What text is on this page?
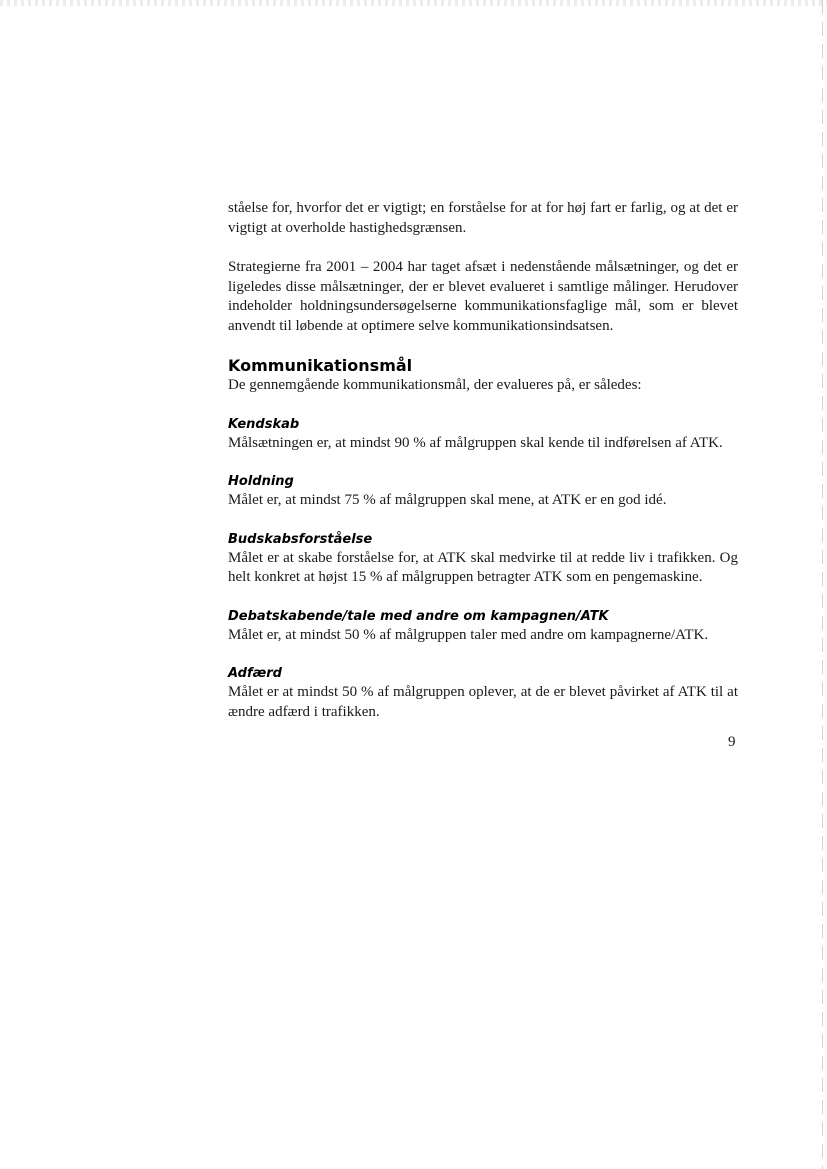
ståelse for, hvorfor det er vigtigt; en forståelse for at for høj fart er farlig, og at det er vigtigt at overholde hastighedsgrænsen.

Strategierne fra 2001 – 2004 har taget afsæt i nedenstående målsætninger, og det er ligeledes disse målsætninger, der er blevet evalueret i samtlige målinger. Herudover indeholder holdningsundersøgelserne kommunikationsfaglige mål, som er blevet anvendt til løbende at optimere selve kommunikationsindsatsen.

Kommunikationsmål

De gennemgående kommunikationsmål, der evalueres på, er således:

Kendskab

Målsætningen er, at mindst 90 % af målgruppen skal kende til indførelsen af ATK.

Holdning

Målet er, at mindst 75 % af målgruppen skal mene, at ATK er en god idé.

Budskabsforståelse

Målet er at skabe forståelse for, at ATK skal medvirke til at redde liv i trafikken. Og helt konkret at højst 15 % af målgruppen betragter ATK som en pengemaskine.

Debatskabende/tale med andre om kampagnen/ATK

Målet er, at mindst 50 % af målgruppen taler med andre om kampagnerne/ATK.

Adfærd

Målet er at mindst 50 % af målgruppen oplever, at de er blevet påvirket af ATK til at ændre adfærd i trafikken.

9
